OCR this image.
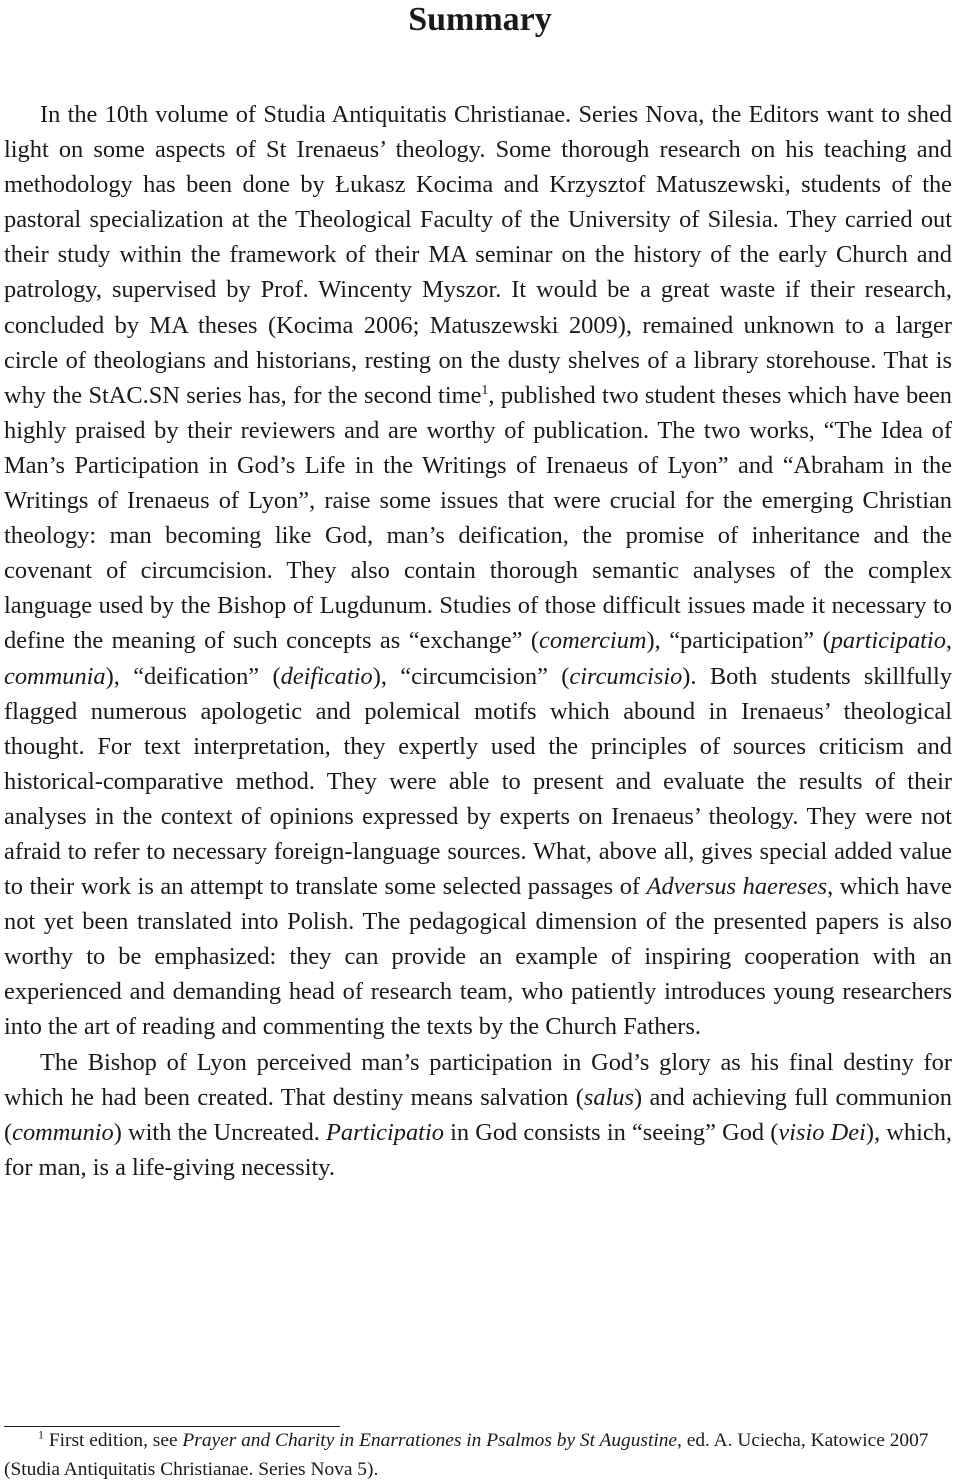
Summary

In the 10th volume of Studia Antiquitatis Christianae. Series Nova, the Editors want to shed light on some aspects of St Irenaeus’ theology. Some thorough research on his teaching and methodology has been done by Łukasz Kocima and Krzysztof Matuszewski, students of the pastoral specialization at the Theological Faculty of the University of Silesia. They carried out their study within the framework of their MA seminar on the history of the early Church and patrology, supervised by Prof. Wincenty Myszor. It would be a great waste if their research, concluded by MA theses (Kocima 2006; Matuszewski 2009), remained unknown to a larger circle of theologians and historians, resting on the dusty shelves of a library storehouse. That is why the StAC.SN series has, for the second time$^1$, published two student theses which have been highly praised by their reviewers and are worthy of publication. The two works, “The Idea of Man’s Participation in God’s Life in the Writings of Irenaeus of Lyon” and “Abraham in the Writings of Irenaeus of Lyon”, raise some issues that were crucial for the emerging Christian theology: man becoming like God, man’s deification, the promise of inheritance and the covenant of circumcision. They also contain thorough semantic analyses of the complex language used by the Bishop of Lugdunum. Studies of those difficult issues made it necessary to define the meaning of such concepts as “exchange” (comercium), “participation” (participatio, communia), “deification” (deificatio), “circumcision” (circumcisio). Both students skillfully flagged numerous apologetic and polemical motifs which abound in Irenaeus’ theological thought. For text interpretation, they expertly used the principles of sources criticism and historical-comparative method. They were able to present and evaluate the results of their analyses in the context of opinions expressed by experts on Irenaeus’ theology. They were not afraid to refer to necessary foreign-language sources. What, above all, gives special added value to their work is an attempt to translate some selected passages of Adversus haereses, which have not yet been translated into Polish. The pedagogical dimension of the presented papers is also worthy to be emphasized: they can provide an example of inspiring cooperation with an experienced and demanding head of research team, who patiently introduces young researchers into the art of reading and commenting the texts by the Church Fathers.

The Bishop of Lyon perceived man’s participation in God’s glory as his final destiny for which he had been created. That destiny means salvation (salus) and achieving full communion (communio) with the Uncreated. Participatio in God consists in “seeing” God (visio Dei), which, for man, is a life-giving necessity.

$^1$ First edition, see Prayer and Charity in Enarrationes in Psalmos by St Augustine, ed. A. Uciecha, Katowice 2007 (Studia Antiquitatis Christianae. Series Nova 5).
